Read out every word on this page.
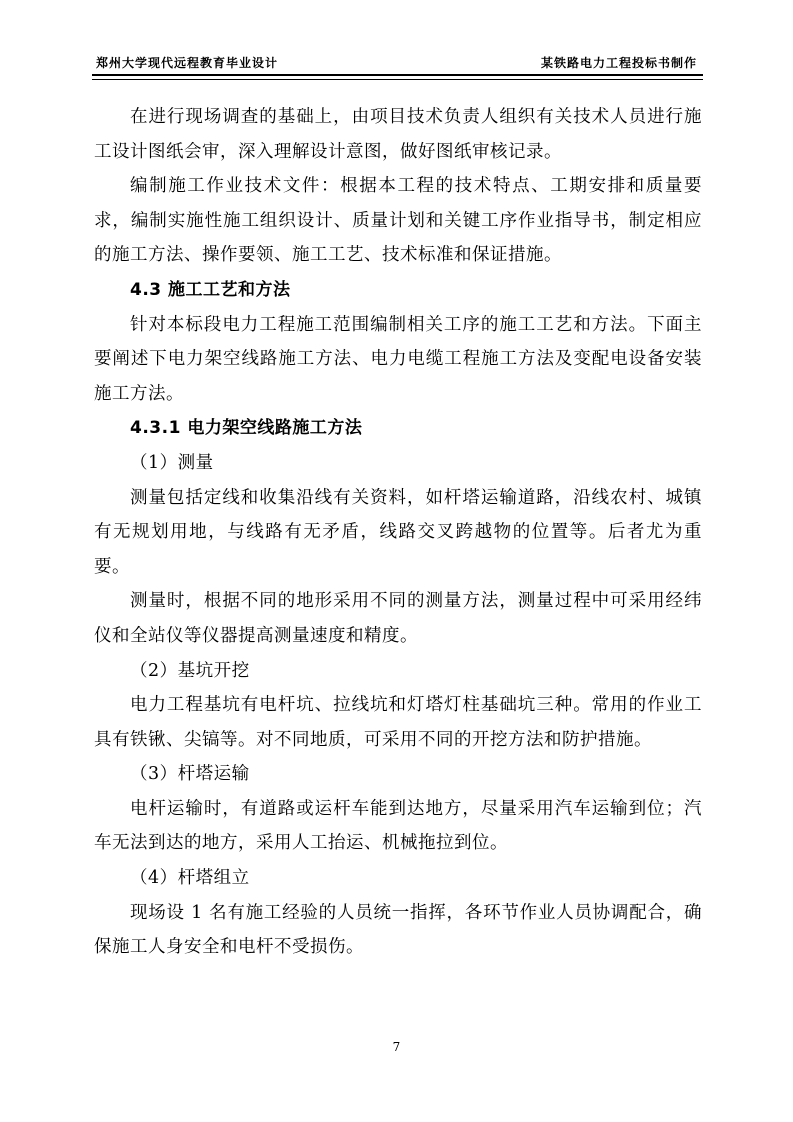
郑州大学现代远程教育毕业设计	某铁路电力工程投标书制作

在进行现场调查的基础上，由项目技术负责人组织有关技术人员进行施工设计图纸会审，深入理解设计意图，做好图纸审核记录。

编制施工作业技术文件：根据本工程的技术特点、工期安排和质量要求，编制实施性施工组织设计、质量计划和关键工序作业指导书，制定相应的施工方法、操作要领、施工工艺、技术标准和保证措施。

4.3 施工工艺和方法

针对本标段电力工程施工范围编制相关工序的施工工艺和方法。下面主要阐述下电力架空线路施工方法、电力电缆工程施工方法及变配电设备安装施工方法。

4.3.1 电力架空线路施工方法

（1）测量

测量包括定线和收集沿线有关资料，如杆塔运输道路，沿线农村、城镇有无规划用地，与线路有无矛盾，线路交叉跨越物的位置等。后者尤为重要。

测量时，根据不同的地形采用不同的测量方法，测量过程中可采用经纬仪和全站仪等仪器提高测量速度和精度。

（2）基坑开挖

电力工程基坑有电杆坑、拉线坑和灯塔灯柱基础坑三种。常用的作业工具有铁锹、尖镐等。对不同地质，可采用不同的开挖方法和防护措施。

（3）杆塔运输

电杆运输时，有道路或运杆车能到达地方，尽量采用汽车运输到位；汽车无法到达的地方，采用人工抬运、机械拖拉到位。

（4）杆塔组立

现场设 1 名有施工经验的人员统一指挥，各环节作业人员协调配合，确保施工人身安全和电杆不受损伤。

7
